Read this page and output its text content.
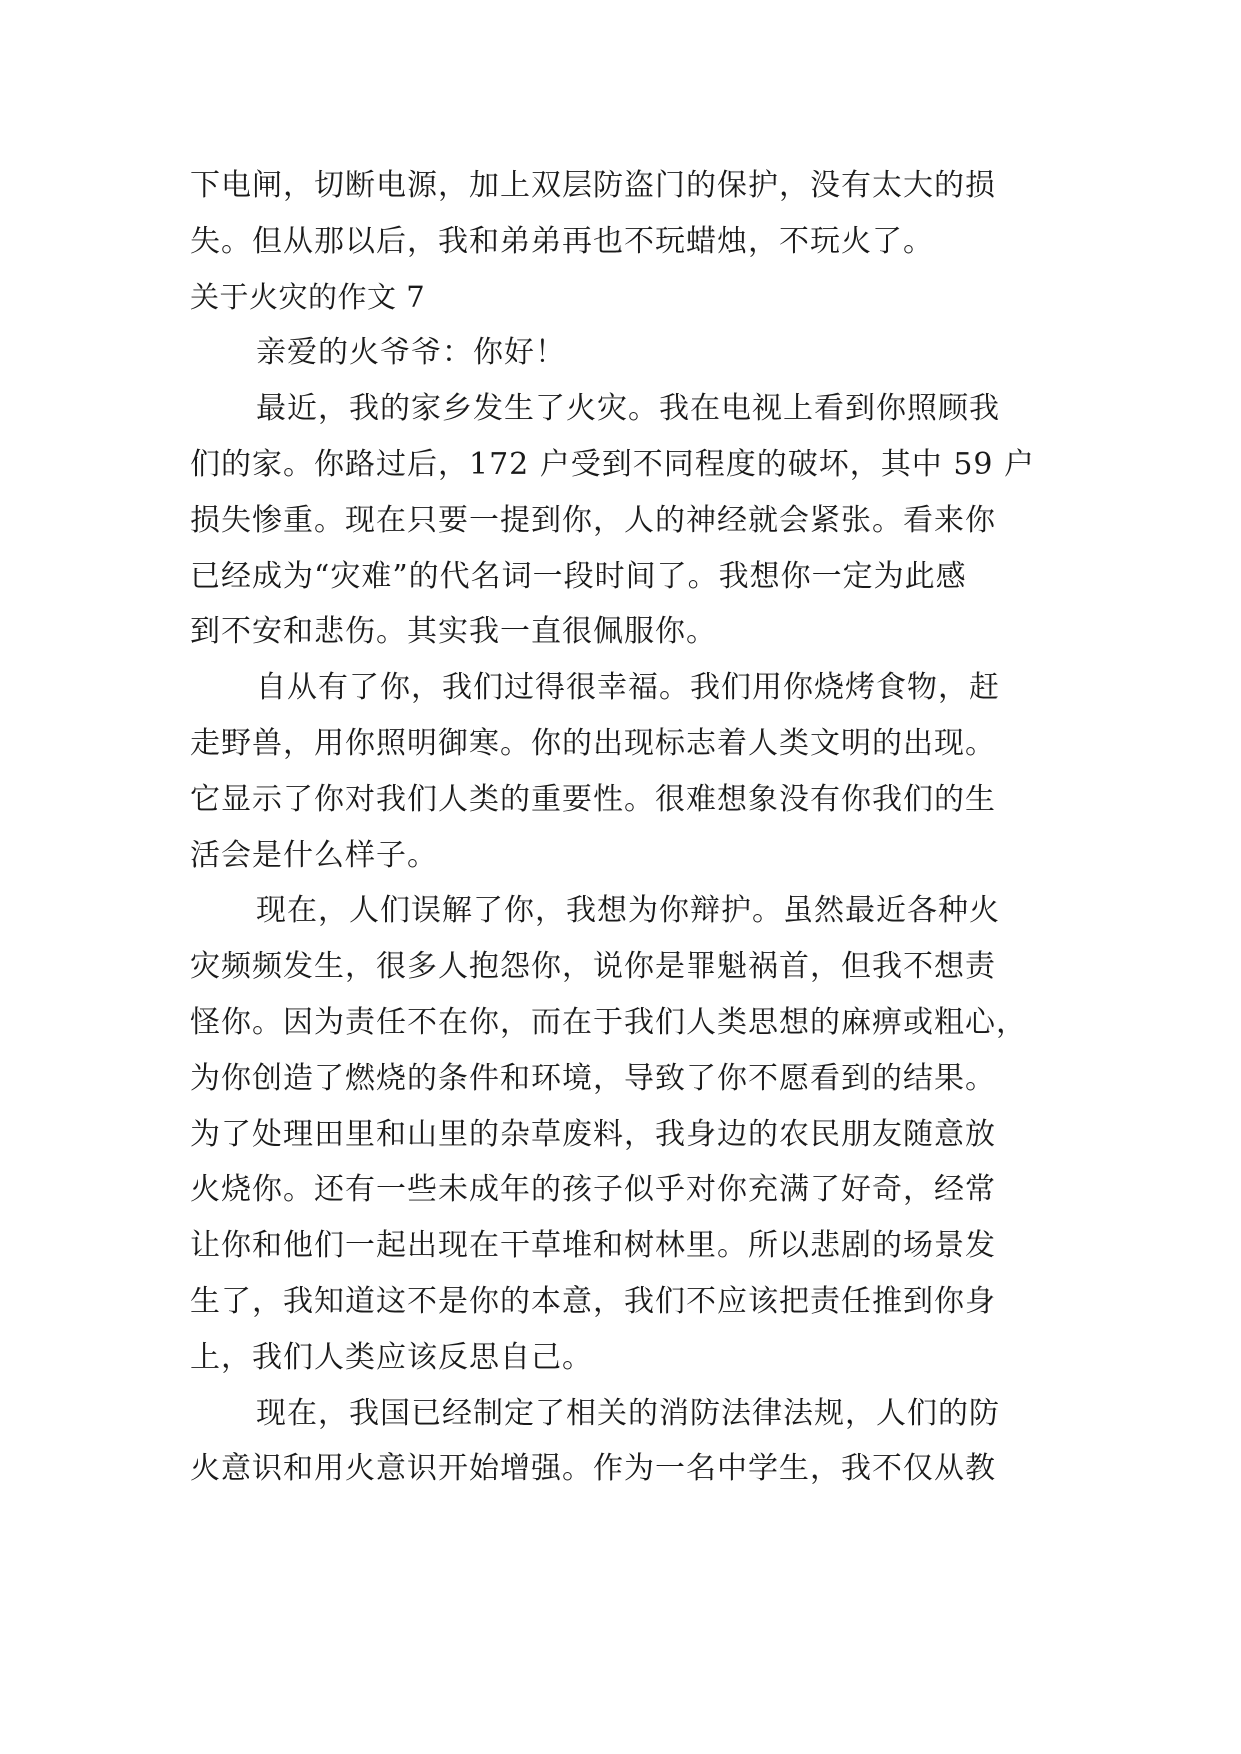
下电闸，切断电源，加上双层防盗门的保护，没有太大的损
失。但从那以后，我和弟弟再也不玩蜡烛，不玩火了。
关于火灾的作文 7
亲爱的火爷爷：你好！
最近，我的家乡发生了火灾。我在电视上看到你照顾我
们的家。你路过后，172 户受到不同程度的破坏，其中 59 户
损失惨重。现在只要一提到你，人的神经就会紧张。看来你
已经成为“灾难”的代名词一段时间了。我想你一定为此感
到不安和悲伤。其实我一直很佩服你。
自从有了你，我们过得很幸福。我们用你烧烤食物，赶
走野兽，用你照明御寒。你的出现标志着人类文明的出现。
它显示了你对我们人类的重要性。很难想象没有你我们的生
活会是什么样子。
现在，人们误解了你，我想为你辩护。虽然最近各种火
灾频频发生，很多人抱怨你，说你是罪魁祸首，但我不想责
怪你。因为责任不在你，而在于我们人类思想的麻痹或粗心，
为你创造了燃烧的条件和环境，导致了你不愿看到的结果。
为了处理田里和山里的杂草废料，我身边的农民朋友随意放
火烧你。还有一些未成年的孩子似乎对你充满了好奇，经常
让你和他们一起出现在干草堆和树林里。所以悲剧的场景发
生了，我知道这不是你的本意，我们不应该把责任推到你身
上，我们人类应该反思自己。
现在，我国已经制定了相关的消防法律法规，人们的防
火意识和用火意识开始增强。作为一名中学生，我不仅从教
